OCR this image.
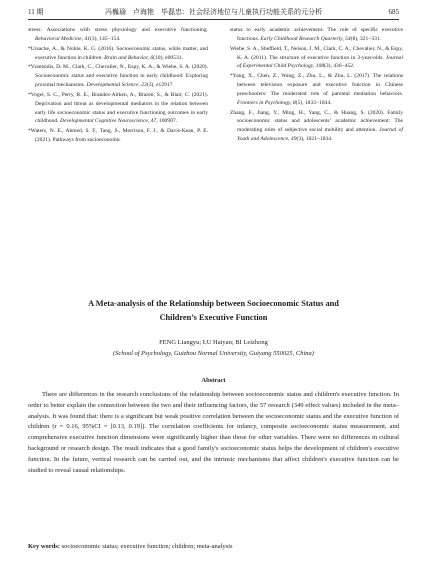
11 期	冯巍瑜　卢海艳　毕磊忠：社会经济地位与儿童执行功能关系的元分析	685
stress: Associations with stress physiology and executive functioning. Behavioral Medicine, 41(3), 145−154.
*Ursache, A., & Noble, K. G. (2016). Socioeconomic status, white matter, and executive function in children. Brain and Behavior, 6(10), e00531.
*Vrantsidis, D. M., Clark, C., Chevalier, N., Espy, K. A., & Wiebe, S. A. (2020). Socioeconomic status and executive function in early childhood: Exploring proximal mechanisms. Developmental Science, 23(3), e12917.
*Vogel, S. C., Perry, R. E., Brandes-Aitken, A., Braren, S., & Blair, C. (2021). Deprivation and threat as developmental mediators in the relation between early life socioeconomic status and executive functioning outcomes in early childhood. Developmental Cognitive Neuroscience, 47, 100907.
*Waters, N. E., Ahmed, S. F., Tang, S., Morrison, F. J., & Davis-Kean, P. E. (2021). Pathways from socioeconomic
status to early academic achievement: The role of specific executive functions. Early Childhood Research Quarterly, 54(8), 321−331.
Wiebe, S. A., Sheffield, T., Nelson, J. M., Clark, C. A., Chevalier, N., & Espy, K. A. (2011). The structure of executive function in 3-year-olds. Journal of Experimental Child Psychology, 108(3), 436−452.
*Yang, X., Chen, Z., Wang, Z., Zhu, L., & Zhu, L. (2017). The relations between television exposure and executive function in Chinese preschoolers: The moderated role of parental mediation behaviors. Frontiers in Psychology, 8(5), 1833−1844.
Zhang, F., Jiang, Y., Ming, H., Yang, C., & Huang, S. (2020). Family socioeconomic status and adolescents’ academic achievement: The moderating roles of subjective social mobility and attention. Journal of Youth and Adolescence, 49(3), 1821−1834.
A Meta-analysis of the Relationship between Socioeconomic Status and
Children’s Executive Function
FENG Liangyu; LU Haiyan; BI Leizhong
(School of Psychology, Guizhou Normal University, Guiyang 550025, China)
Abstract
There are differences in the research conclusions of the relationship between socioeconomic status and children's executive function. In order to better explain the connection between the two and their influencing factors, the 57 research (349 effect values) included in the meta–analysis. It was found that: there is a significant but weak positive correlation between the socioeconomic status and the executive function of children (r = 0.16, 95%CI = [0.13, 0.19]). The correlation coefficients for infancy, composite socioeconomic status measurement, and comprehensive executive function dimensions were significantly higher than those for other variables. There were no differences in cultural background or research design. The result indicates that a good family's socioeconomic status helps the development of children's executive function. In the future, vertical research can be carried out, and the intrinsic mechanisms that affect children's executive function can be studied to reveal causal relationships.
Key words: socioeconomic status; executive function; children; meta-analysis
